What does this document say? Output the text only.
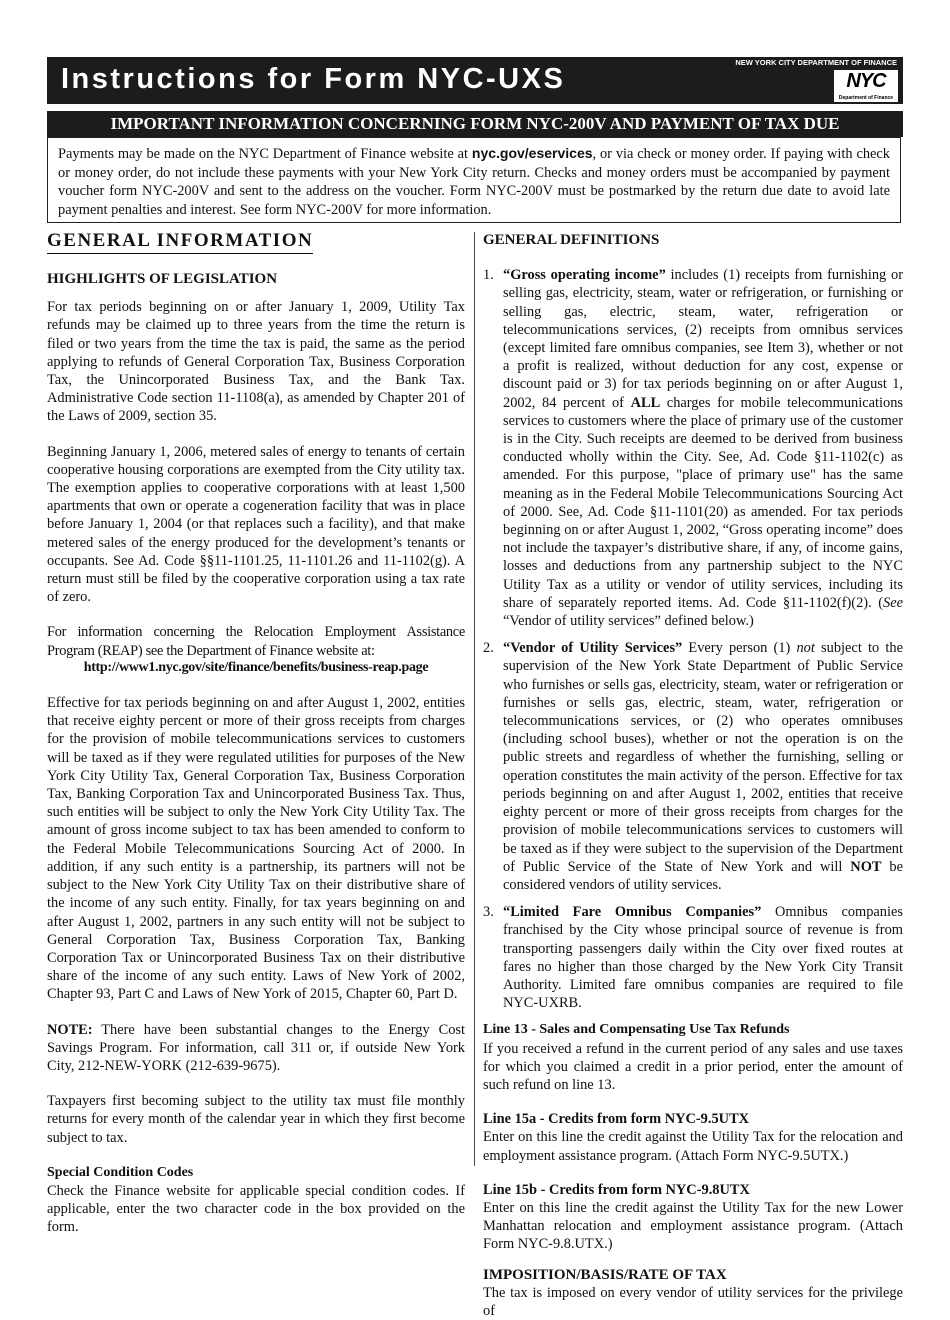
Instructions for Form NYC-UXS
NEW YORK CITY DEPARTMENT OF FINANCE
NYC
Department of Finance
IMPORTANT INFORMATION CONCERNING FORM NYC-200V AND PAYMENT OF TAX DUE
Payments may be made on the NYC Department of Finance website at nyc.gov/eservices, or via check or money order. If paying with check or money order, do not include these payments with your New York City return. Checks and money orders must be accompanied by payment voucher form NYC-200V and sent to the address on the voucher. Form NYC-200V must be postmarked by the return due date to avoid late payment penalties and interest. See form NYC-200V for more information.
GENERAL INFORMATION

HIGHLIGHTS OF LEGISLATION

For tax periods beginning on or after January 1, 2009, Utility Tax refunds may be claimed up to three years from the time the return is filed or two years from the time the tax is paid, the same as the period applying to refunds of General Corporation Tax, Business Corporation Tax, the Unincorporated Business Tax, and the Bank Tax. Administrative Code section 11-1108(a), as amended by Chapter 201 of the Laws of 2009, section 35.

Beginning January 1, 2006, metered sales of energy to tenants of certain cooperative housing corporations are exempted from the City utility tax. The exemption applies to cooperative corporations with at least 1,500 apartments that own or operate a cogeneration facility that was in place before January 1, 2004 (or that replaces such a facility), and that make metered sales of the energy produced for the development’s tenants or occupants. See Ad. Code §§11-1101.25, 11-1101.26 and 11-1102(g). A return must still be filed by the cooperative corporation using a tax rate of zero.

For information concerning the Relocation Employment Assistance Program (REAP) see the Department of Finance website at:

http://www1.nyc.gov/site/finance/benefits/business-reap.page

Effective for tax periods beginning on and after August 1, 2002, entities that receive eighty percent or more of their gross receipts from charges for the provision of mobile telecommunications services to customers will be taxed as if they were regulated utilities for purposes of the New York City Utility Tax, General Corporation Tax, Business Corporation Tax, Banking Corporation Tax and Unincorporated Business Tax. Thus, such entities will be subject to only the New York City Utility Tax. The amount of gross income subject to tax has been amended to conform to the Federal Mobile Telecommunications Sourcing Act of 2000. In addition, if any such entity is a partnership, its partners will not be subject to the New York City Utility Tax on their distributive share of the income of any such entity. Finally, for tax years beginning on and after August 1, 2002, partners in any such entity will not be subject to General Corporation Tax, Business Corporation Tax, Banking Corporation Tax or Unincorporated Business Tax on their distributive share of the income of any such entity. Laws of New York of 2002, Chapter 93, Part C and Laws of New York of 2015, Chapter 60, Part D.

NOTE: There have been substantial changes to the Energy Cost Savings Program. For information, call 311 or, if outside New York City, 212-NEW-YORK (212-639-9675).

Taxpayers first becoming subject to the utility tax must file monthly returns for every month of the calendar year in which they first become subject to tax.

Special Condition Codes

Check the Finance website for applicable special condition codes. If applicable, enter the two character code in the box provided on the form.

GENERAL DEFINITIONS

1. “Gross operating income” includes (1) receipts from furnishing or selling gas, electricity, steam, water or refrigeration, or furnishing or selling gas, electric, steam, water, refrigeration or telecommunications services, (2) receipts from omnibus services (except limited fare omnibus companies, see Item 3), whether or not a profit is realized, without deduction for any cost, expense or discount paid or 3) for tax periods beginning on or after August 1, 2002, 84 percent of ALL charges for mobile telecommunications services to customers where the place of primary use of the customer is in the City. Such receipts are deemed to be derived from business conducted wholly within the City. See, Ad. Code §11-1102(c) as amended. For this purpose, "place of primary use" has the same meaning as in the Federal Mobile Telecommunications Sourcing Act of 2000. See, Ad. Code §11-1101(20) as amended. For tax periods beginning on or after August 1, 2002, “Gross operating income” does not include the taxpayer’s distributive share, if any, of income gains, losses and deductions from any partnership subject to the NYC Utility Tax as a utility or vendor of utility services, including its share of separately reported items. Ad. Code §11-1102(f)(2). (See “Vendor of utility services” defined below.)
2. “Vendor of Utility Services” Every person (1) not subject to the supervision of the New York State Department of Public Service who furnishes or sells gas, electricity, steam, water or refrigeration or furnishes or sells gas, electric, steam, water, refrigeration or telecommunications services, or (2) who operates omnibuses (including school buses), whether or not the operation is on the public streets and regardless of whether the furnishing, selling or operation constitutes the main activity of the person. Effective for tax periods beginning on and after August 1, 2002, entities that receive eighty percent or more of their gross receipts from charges for the provision of mobile telecommunications services to customers will be taxed as if they were subject to the supervision of the Department of Public Service of the State of New York and will NOT be considered vendors of utility services.
3. “Limited Fare Omnibus Companies” Omnibus companies franchised by the City whose principal source of revenue is from transporting passengers daily within the City over fixed routes at fares no higher than those charged by the New York City Transit Authority. Limited fare omnibus companies are required to file NYC-UXRB.

Line 13 - Sales and Compensating Use Tax Refunds

If you received a refund in the current period of any sales and use taxes for which you claimed a credit in a prior period, enter the amount of such refund on line 13.

Line 15a - Credits from form NYC-9.5UTX

Enter on this line the credit against the Utility Tax for the relocation and employment assistance program. (Attach Form NYC-9.5UTX.)

Line 15b - Credits from form NYC-9.8UTX

Enter on this line the credit against the Utility Tax for the new Lower Manhattan relocation and employment assistance program. (Attach Form NYC-9.8.UTX.)

IMPOSITION/BASIS/RATE OF TAX

The tax is imposed on every vendor of utility services for the privilege of
